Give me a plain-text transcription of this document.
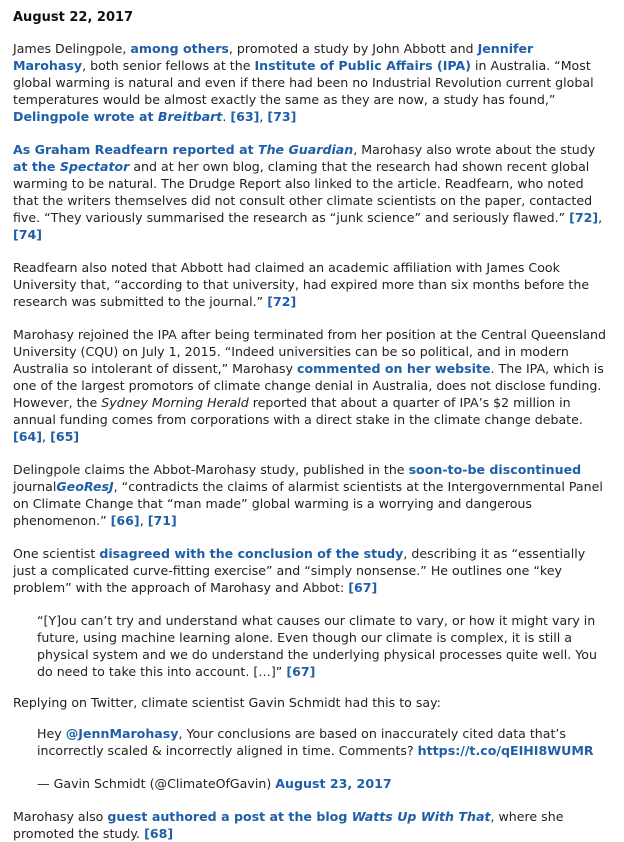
August 22, 2017

James Delingpole, among others, promoted a study by John Abbott and Jennifer Marohasy, both senior fellows at the Institute of Public Affairs (IPA) in Australia. “Most global warming is natural and even if there had been no Industrial Revolution current global temperatures would be almost exactly the same as they are now, a study has found,” Delingpole wrote at Breitbart. [63], [73]

As Graham Readfearn reported at The Guardian, Marohasy also wrote about the study at the Spectator and at her own blog, claming that the research had shown recent global warming to be natural. The Drudge Report also linked to the article. Readfearn, who noted that the writers themselves did not consult other climate scientists on the paper, contacted five. “They variously summarised the research as “junk science” and seriously flawed.” [72], [74]

Readfearn also noted that Abbott had claimed an academic affiliation with James Cook University that, “according to that university, had expired more than six months before the research was submitted to the journal.” [72]

Marohasy rejoined the IPA after being terminated from her position at the Central Queensland University (CQU) on July 1, 2015. “Indeed universities can be so political, and in modern Australia so intolerant of dissent,” Marohasy commented on her website. The IPA, which is one of the largest promotors of climate change denial in Australia, does not disclose funding. However, the Sydney Morning Herald reported that about a quarter of IPA’s $2 million in annual funding comes from corporations with a direct stake in the climate change debate. [64], [65]

Delingpole claims the Abbot-Marohasy study, published in the soon-to-be discontinued journalGeoResJ, “contradicts the claims of alarmist scientists at the Intergovernmental Panel on Climate Change that “man made” global warming is a worrying and dangerous phenomenon.” [66], [71]

One scientist disagreed with the conclusion of the study, describing it as “essentially just a complicated curve-fitting exercise” and “simply nonsense.” He outlines one “key problem” with the approach of Marohasy and Abbot: [67]

“[Y]ou can’t try and understand what causes our climate to vary, or how it might vary in future, using machine learning alone. Even though our climate is complex, it is still a physical system and we do understand the underlying physical processes quite well. You do need to take this into account. […]” [67]

Replying on Twitter, climate scientist Gavin Schmidt had this to say:

Hey @JennMarohasy, Your conclusions are based on inaccurately cited data that’s incorrectly scaled & incorrectly aligned in time. Comments? https://t.co/qEIHI8WUMR

— Gavin Schmidt (@ClimateOfGavin) August 23, 2017

Marohasy also guest authored a post at the blog Watts Up With That, where she promoted the study. [68]
